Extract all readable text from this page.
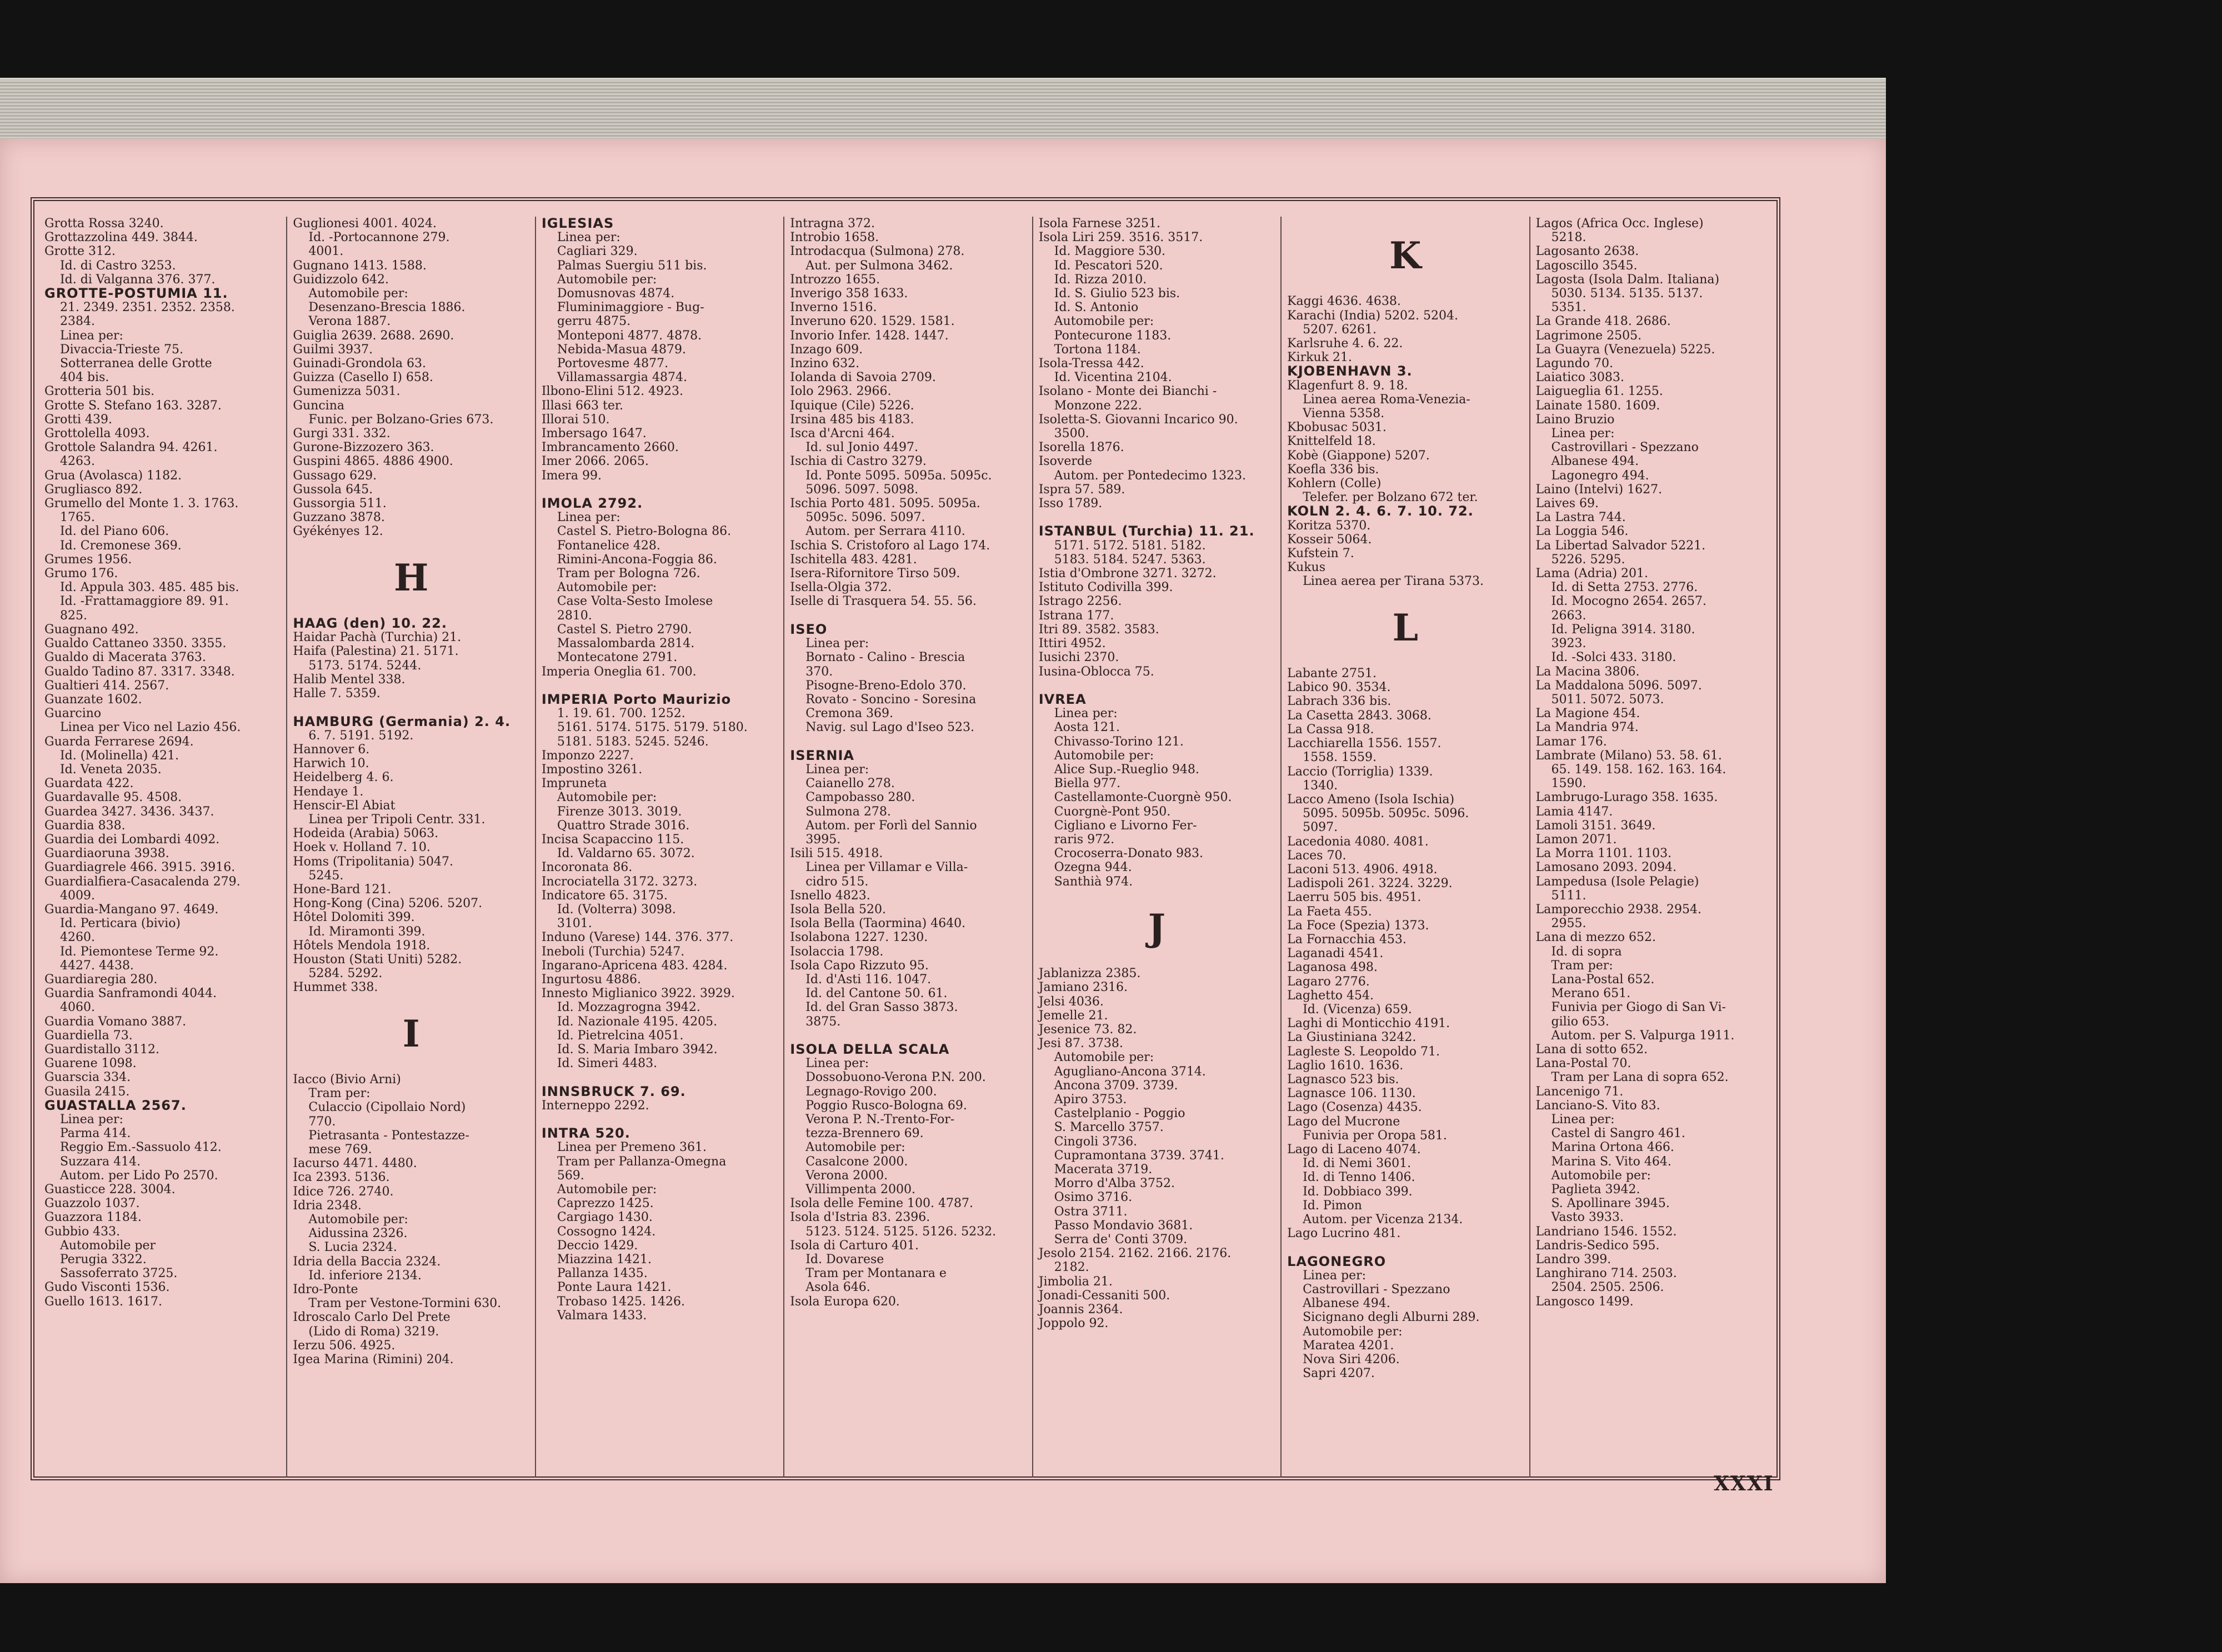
Grotta Rossa 3240.
Grottazzolina 449. 3844.
Grotte 312.
Id. di Castro 3253.
Id. di Valganna 376. 377.
GROTTE-POSTUMIA 11.
21. 2349. 2351. 2352. 2358.
2384.
Linea per:
Divaccia-Trieste 75.
Sotterranea delle Grotte
404 bis.
Grotteria 501 bis.
Grotte S. Stefano 163. 3287.
Grotti 439.
Grottolella 4093.
Grottole Salandra 94. 4261.
4263.
Grua (Avolasca) 1182.
Grugliasco 892.
Grumello del Monte 1. 3. 1763.
1765.
Id. del Piano 606.
Id. Cremonese 369.
Grumes 1956.
Grumo 176.
Id. Appula 303. 485. 485 bis.
Id. -Frattamaggiore 89. 91.
825.
Guagnano 492.
Gualdo Cattaneo 3350. 3355.
Gualdo di Macerata 3763.
Gualdo Tadino 87. 3317. 3348.
Gualtieri 414. 2567.
Guanzate 1602.
Guarcino
Linea per Vico nel Lazio 456.
Guarda Ferrarese 2694.
Id. (Molinella) 421.
Id. Veneta 2035.
Guardata 422.
Guardavalle 95. 4508.
Guardea 3427. 3436. 3437.
Guardia 838.
Guardia dei Lombardi 4092.
Guardiaoruna 3938.
Guardiagrele 466. 3915. 3916.
Guardialfiera-Casacalenda 279.
4009.
Guardia-Mangano 97. 4649.
Id. Perticara (bivio)
4260.
Id. Piemontese Terme 92.
4427. 4438.
Guardiaregia 280.
Guardia Sanframondi 4044.
4060.
Guardia Vomano 3887.
Guardiella 73.
Guardistallo 3112.
Guarene 1098.
Guarscia 334.
Guasila 2415.
GUASTALLA 2567.
Linea per:
Parma 414.
Reggio Em.-Sassuolo 412.
Suzzara 414.
Autom. per Lido Po 2570.
Guasticce 228. 3004.
Guazzolo 1037.
Guazzora 1184.
Gubbio 433.
Automobile per
Perugia 3322.
Sassoferrato 3725.
Gudo Visconti 1536.
Guello 1613. 1617.
Guglionesi 4001. 4024.
Id. -Portocannone 279.
4001.
Gugnano 1413. 1588.
Guidizzolo 642.
Automobile per:
Desenzano-Brescia 1886.
Verona 1887.
Guiglia 2639. 2688. 2690.
Guilmi 3937.
Guinadi-Grondola 63.
Guizza (Casello I) 658.
Gumenizza 5031.
Guncina
Funic. per Bolzano-Gries 673.
Gurgi 331. 332.
Gurone-Bizzozero 363.
Guspini 4865. 4886 4900.
Gussago 629.
Gussola 645.
Gussorgia 511.
Guzzano 3878.
Gyékényes 12.

H

HAAG (den) 10. 22.
Haidar Pachà (Turchia) 21.
Haifa (Palestina) 21. 5171.
5173. 5174. 5244.
Halib Mentel 338.
Halle 7. 5359.

HAMBURG (Germania) 2. 4.
6. 7. 5191. 5192.
Hannover 6.
Harwich 10.
Heidelberg 4. 6.
Hendaye 1.
Henscir-El Abiat
Linea per Tripoli Centr. 331.
Hodeida (Arabia) 5063.
Hoek v. Holland 7. 10.
Homs (Tripolitania) 5047.
5245.
Hone-Bard 121.
Hong-Kong (Cina) 5206. 5207.
Hôtel Dolomiti 399.
Id. Miramonti 399.
Hôtels Mendola 1918.
Houston (Stati Uniti) 5282.
5284. 5292.
Hummet 338.

I

Iacco (Bivio Arni)
Tram per:
Culaccio (Cipollaio Nord)
770.
Pietrasanta - Pontestazze-
mese 769.
Iacurso 4471. 4480.
Ica 2393. 5136.
Idice 726. 2740.
Idria 2348.
Automobile per:
Aidussina 2326.
S. Lucia 2324.
Idria della Baccia 2324.
Id. inferiore 2134.
Idro-Ponte
Tram per Vestone-Tormini 630.
Idroscalo Carlo Del Prete
(Lido di Roma) 3219.
Ierzu 506. 4925.
Igea Marina (Rimini) 204.
IGLESIAS
Linea per:
Cagliari 329.
Palmas Suergiu 511 bis.
Automobile per:
Domusnovas 4874.
Fluminimaggiore - Bug-
gerru 4875.
Monteponi 4877. 4878.
Nebida-Masua 4879.
Portovesme 4877.
Villamassargia 4874.
Ilbono-Elini 512. 4923.
Illasi 663 ter.
Illorai 510.
Imbersago 1647.
Imbrancamento 2660.
Imer 2066. 2065.
Imera 99.

IMOLA 2792.
Linea per:
Castel S. Pietro-Bologna 86.
Fontanelice 428.
Rimini-Ancona-Foggia 86.
Tram per Bologna 726.
Automobile per:
Case Volta-Sesto Imolese
2810.
Castel S. Pietro 2790.
Massalombarda 2814.
Montecatone 2791.
Imperia Oneglia 61. 700.

IMPERIA Porto Maurizio
1. 19. 61. 700. 1252.
5161. 5174. 5175. 5179. 5180.
5181. 5183. 5245. 5246.
Imponzo 2227.
Impostino 3261.
Impruneta
Automobile per:
Firenze 3013. 3019.
Quattro Strade 3016.
Incisa Scapaccino 115.
Id. Valdarno 65. 3072.
Incoronata 86.
Incrociatella 3172. 3273.
Indicatore 65. 3175.
Id. (Volterra) 3098.
3101.
Induno (Varese) 144. 376. 377.
Ineboli (Turchia) 5247.
Ingarano-Apricena 483. 4284.
Ingurtosu 4886.
Innesto Miglianico 3922. 3929.
Id. Mozzagrogna 3942.
Id. Nazionale 4195. 4205.
Id. Pietrelcina 4051.
Id. S. Maria Imbaro 3942.
Id. Simeri 4483.

INNSBRUCK 7. 69.
Interneppo 2292.

INTRA 520.
Linea per Premeno 361.
Tram per Pallanza-Omegna
569.
Automobile per:
Caprezzo 1425.
Cargiago 1430.
Cossogno 1424.
Deccio 1429.
Miazzina 1421.
Pallanza 1435.
Ponte Laura 1421.
Trobaso 1425. 1426.
Valmara 1433.
Intragna 372.
Introbio 1658.
Introdacqua (Sulmona) 278.
Aut. per Sulmona 3462.
Introzzo 1655.
Inverigo 358 1633.
Inverno 1516.
Inveruno 620. 1529. 1581.
Invorio Infer. 1428. 1447.
Inzago 609.
Inzino 632.
Iolanda di Savoia 2709.
Iolo 2963. 2966.
Iquique (Cile) 5226.
Irsina 485 bis 4183.
Isca d'Arcni 464.
Id. sul Jonio 4497.
Ischia di Castro 3279.
Id. Ponte 5095. 5095a. 5095c.
5096. 5097. 5098.
Ischia Porto 481. 5095. 5095a.
5095c. 5096. 5097.
Autom. per Serrara 4110.
Ischia S. Cristoforo al Lago 174.
Ischitella 483. 4281.
Isera-Rifornitore Tirso 509.
Isella-Olgia 372.
Iselle di Trasquera 54. 55. 56.

ISEO
Linea per:
Bornato - Calino - Brescia
370.
Pisogne-Breno-Edolo 370.
Rovato - Soncino - Soresina
Cremona 369.
Navig. sul Lago d'Iseo 523.

ISERNIA
Linea per:
Caianello 278.
Campobasso 280.
Sulmona 278.
Autom. per Forlì del Sannio
3995.
Isili 515. 4918.
Linea per Villamar e Villa-
cidro 515.
Isnello 4823.
Isola Bella 520.
Isola Bella (Taormina) 4640.
Isolabona 1227. 1230.
Isolaccia 1798.
Isola Capo Rizzuto 95.
Id. d'Asti 116. 1047.
Id. del Cantone 50. 61.
Id. del Gran Sasso 3873.
3875.

ISOLA DELLA SCALA
Linea per:
Dossobuono-Verona P.N. 200.
Legnago-Rovigo 200.
Poggio Rusco-Bologna 69.
Verona P. N.-Trento-For-
tezza-Brennero 69.
Automobile per:
Casalcone 2000.
Verona 2000.
Villimpenta 2000.
Isola delle Femine 100. 4787.
Isola d'Istria 83. 2396.
5123. 5124. 5125. 5126. 5232.
Isola di Carturo 401.
Id. Dovarese
Tram per Montanara e
Asola 646.
Isola Europa 620.
Isola Farnese 3251.
Isola Liri 259. 3516. 3517.
Id. Maggiore 530.
Id. Pescatori 520.
Id. Rizza 2010.
Id. S. Giulio 523 bis.
Id. S. Antonio
Automobile per:
Pontecurone 1183.
Tortona 1184.
Isola-Tressa 442.
Id. Vicentina 2104.
Isolano - Monte dei Bianchi -
Monzone 222.
Isoletta-S. Giovanni Incarico 90.
3500.
Isorella 1876.
Isoverde
Autom. per Pontedecimo 1323.
Ispra 57. 589.
Isso 1789.

ISTANBUL (Turchia) 11. 21.
5171. 5172. 5181. 5182.
5183. 5184. 5247. 5363.
Istia d'Ombrone 3271. 3272.
Istituto Codivilla 399.
Istrago 2256.
Istrana 177.
Itri 89. 3582. 3583.
Ittiri 4952.
Iusichi 2370.
Iusina-Oblocca 75.

IVREA
Linea per:
Aosta 121.
Chivasso-Torino 121.
Automobile per:
Alice Sup.-Rueglio 948.
Biella 977.
Castellamonte-Cuorgnè 950.
Cuorgnè-Pont 950.
Cigliano e Livorno Fer-
raris 972.
Crocoserra-Donato 983.
Ozegna 944.
Santhià 974.

J

Jablanizza 2385.
Jamiano 2316.
Jelsi 4036.
Jemelle 21.
Jesenice 73. 82.
Jesi 87. 3738.
Automobile per:
Agugliano-Ancona 3714.
Ancona 3709. 3739.
Apiro 3753.
Castelplanio - Poggio
S. Marcello 3757.
Cingoli 3736.
Cupramontana 3739. 3741.
Macerata 3719.
Morro d'Alba 3752.
Osimo 3716.
Ostra 3711.
Passo Mondavio 3681.
Serra de' Conti 3709.
Jesolo 2154. 2162. 2166. 2176.
2182.
Jimbolia 21.
Jonadi-Cessaniti 500.
Joannis 2364.
Joppolo 92.

K

Kaggi 4636. 4638.
Karachi (India) 5202. 5204.
5207. 6261.
Karlsruhe 4. 6. 22.
Kirkuk 21.
KJOBENHAVN 3.
Klagenfurt 8. 9. 18.
Linea aerea Roma-Venezia-
Vienna 5358.
Kbobusac 5031.
Knittelfeld 18.
Kobè (Giappone) 5207.
Koefla 336 bis.
Kohlern (Colle)
Telefer. per Bolzano 672 ter.
KOLN 2. 4. 6. 7. 10. 72.
Koritza 5370.
Kosseir 5064.
Kufstein 7.
Kukus
Linea aerea per Tirana 5373.

L

Labante 2751.
Labico 90. 3534.
Labrach 336 bis.
La Casetta 2843. 3068.
La Cassa 918.
Lacchiarella 1556. 1557.
1558. 1559.
Laccio (Torriglia) 1339.
1340.
Lacco Ameno (Isola Ischia)
5095. 5095b. 5095c. 5096.
5097.
Lacedonia 4080. 4081.
Laces 70.
Laconi 513. 4906. 4918.
Ladispoli 261. 3224. 3229.
Laerru 505 bis. 4951.
La Faeta 455.
La Foce (Spezia) 1373.
La Fornacchia 453.
Laganadi 4541.
Laganosa 498.
Lagaro 2776.
Laghetto 454.
Id. (Vicenza) 659.
Laghi di Monticchio 4191.
La Giustiniana 3242.
Lagleste S. Leopoldo 71.
Laglio 1610. 1636.
Lagnasco 523 bis.
Lagnasce 106. 1130.
Lago (Cosenza) 4435.
Lago del Mucrone
Funivia per Oropa 581.
Lago di Laceno 4074.
Id. di Nemi 3601.
Id. di Tenno 1406.
Id. Dobbiaco 399.
Id. Pimon
Autom. per Vicenza 2134.
Lago Lucrino 481.

LAGONEGRO
Linea per:
Castrovillari - Spezzano
Albanese 494.
Sicignano degli Alburni 289.
Automobile per:
Maratea 4201.
Nova Siri 4206.
Sapri 4207.
Lagos (Africa Occ. Inglese)
5218.
Lagosanto 2638.
Lagoscillo 3545.
Lagosta (Isola Dalm. Italiana)
5030. 5134. 5135. 5137.
5351.
La Grande 418. 2686.
Lagrimone 2505.
La Guayra (Venezuela) 5225.
Lagundo 70.
Laiatico 3083.
Laigueglia 61. 1255.
Lainate 1580. 1609.
Laino Bruzio
Linea per:
Castrovillari - Spezzano
Albanese 494.
Lagonegro 494.
Laino (Intelvi) 1627.
Laives 69.
La Lastra 744.
La Loggia 546.
La Libertad Salvador 5221.
5226. 5295.
Lama (Adria) 201.
Id. di Setta 2753. 2776.
Id. Mocogno 2654. 2657.
2663.
Id. Peligna 3914. 3180.
3923.
Id. -Solci 433. 3180.
La Macina 3806.
La Maddalona 5096. 5097.
5011. 5072. 5073.
La Magione 454.
La Mandria 974.
Lamar 176.
Lambrate (Milano) 53. 58. 61.
65. 149. 158. 162. 163. 164.
1590.
Lambrugo-Lurago 358. 1635.
Lamia 4147.
Lamoli 3151. 3649.
Lamon 2071.
La Morra 1101. 1103.
Lamosano 2093. 2094.
Lampedusa (Isole Pelagie)
5111.
Lamporecchio 2938. 2954.
2955.
Lana di mezzo 652.
Id. di sopra
Tram per:
Lana-Postal 652.
Merano 651.
Funivia per Giogo di San Vi-
gilio 653.
Autom. per S. Valpurga 1911.
Lana di sotto 652.
Lana-Postal 70.
Tram per Lana di sopra 652.
Lancenigo 71.
Lanciano-S. Vito 83.
Linea per:
Castel di Sangro 461.
Marina Ortona 466.
Marina S. Vito 464.
Automobile per:
Paglieta 3942.
S. Apollinare 3945.
Vasto 3933.
Landriano 1546. 1552.
Landris-Sedico 595.
Landro 399.
Langhirano 714. 2503.
2504. 2505. 2506.
Langosco 1499.
XXXI
